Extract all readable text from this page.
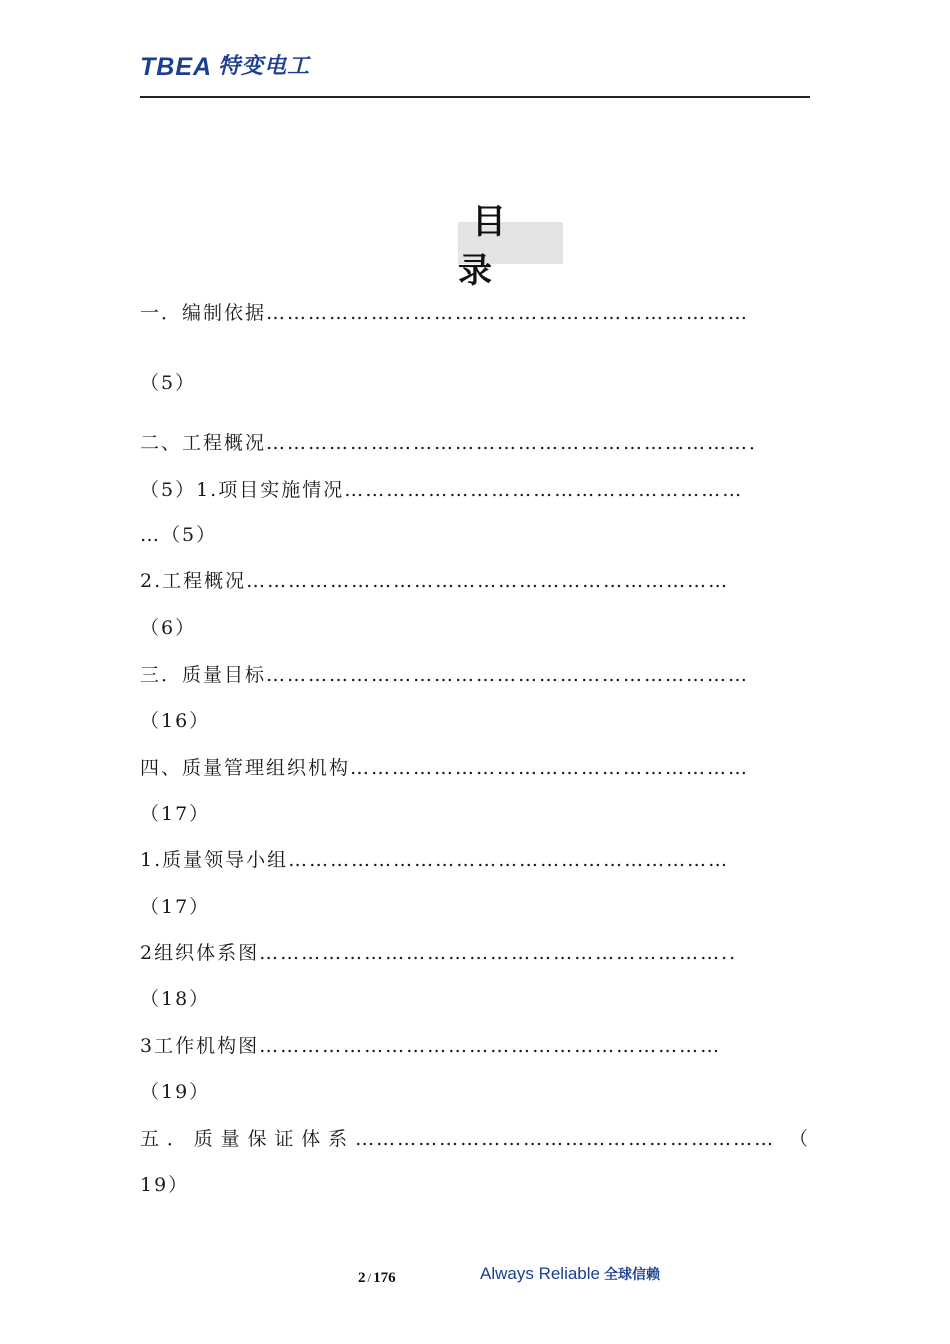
TBEA 特变电工
目 录
一．编制依据……………………………………………………………
（5）
二、工程概况……………………………………………………………．
（5）1.项目实施情况…………………………………………………
…（5）
2.工程概况……………………………………………………………
（6）
三．质量目标……………………………………………………………
（16）
四、质量管理组织机构…………………………………………………
（17）
1.质量领导小组………………………………………………………
（17）
2组织体系图…………………………………………………………..
（18）
3工作机构图…………………………………………………………
（19）
五．质量保证体系…………………………………………………… （
19）
2 / 176	Always Reliable 全球信赖
